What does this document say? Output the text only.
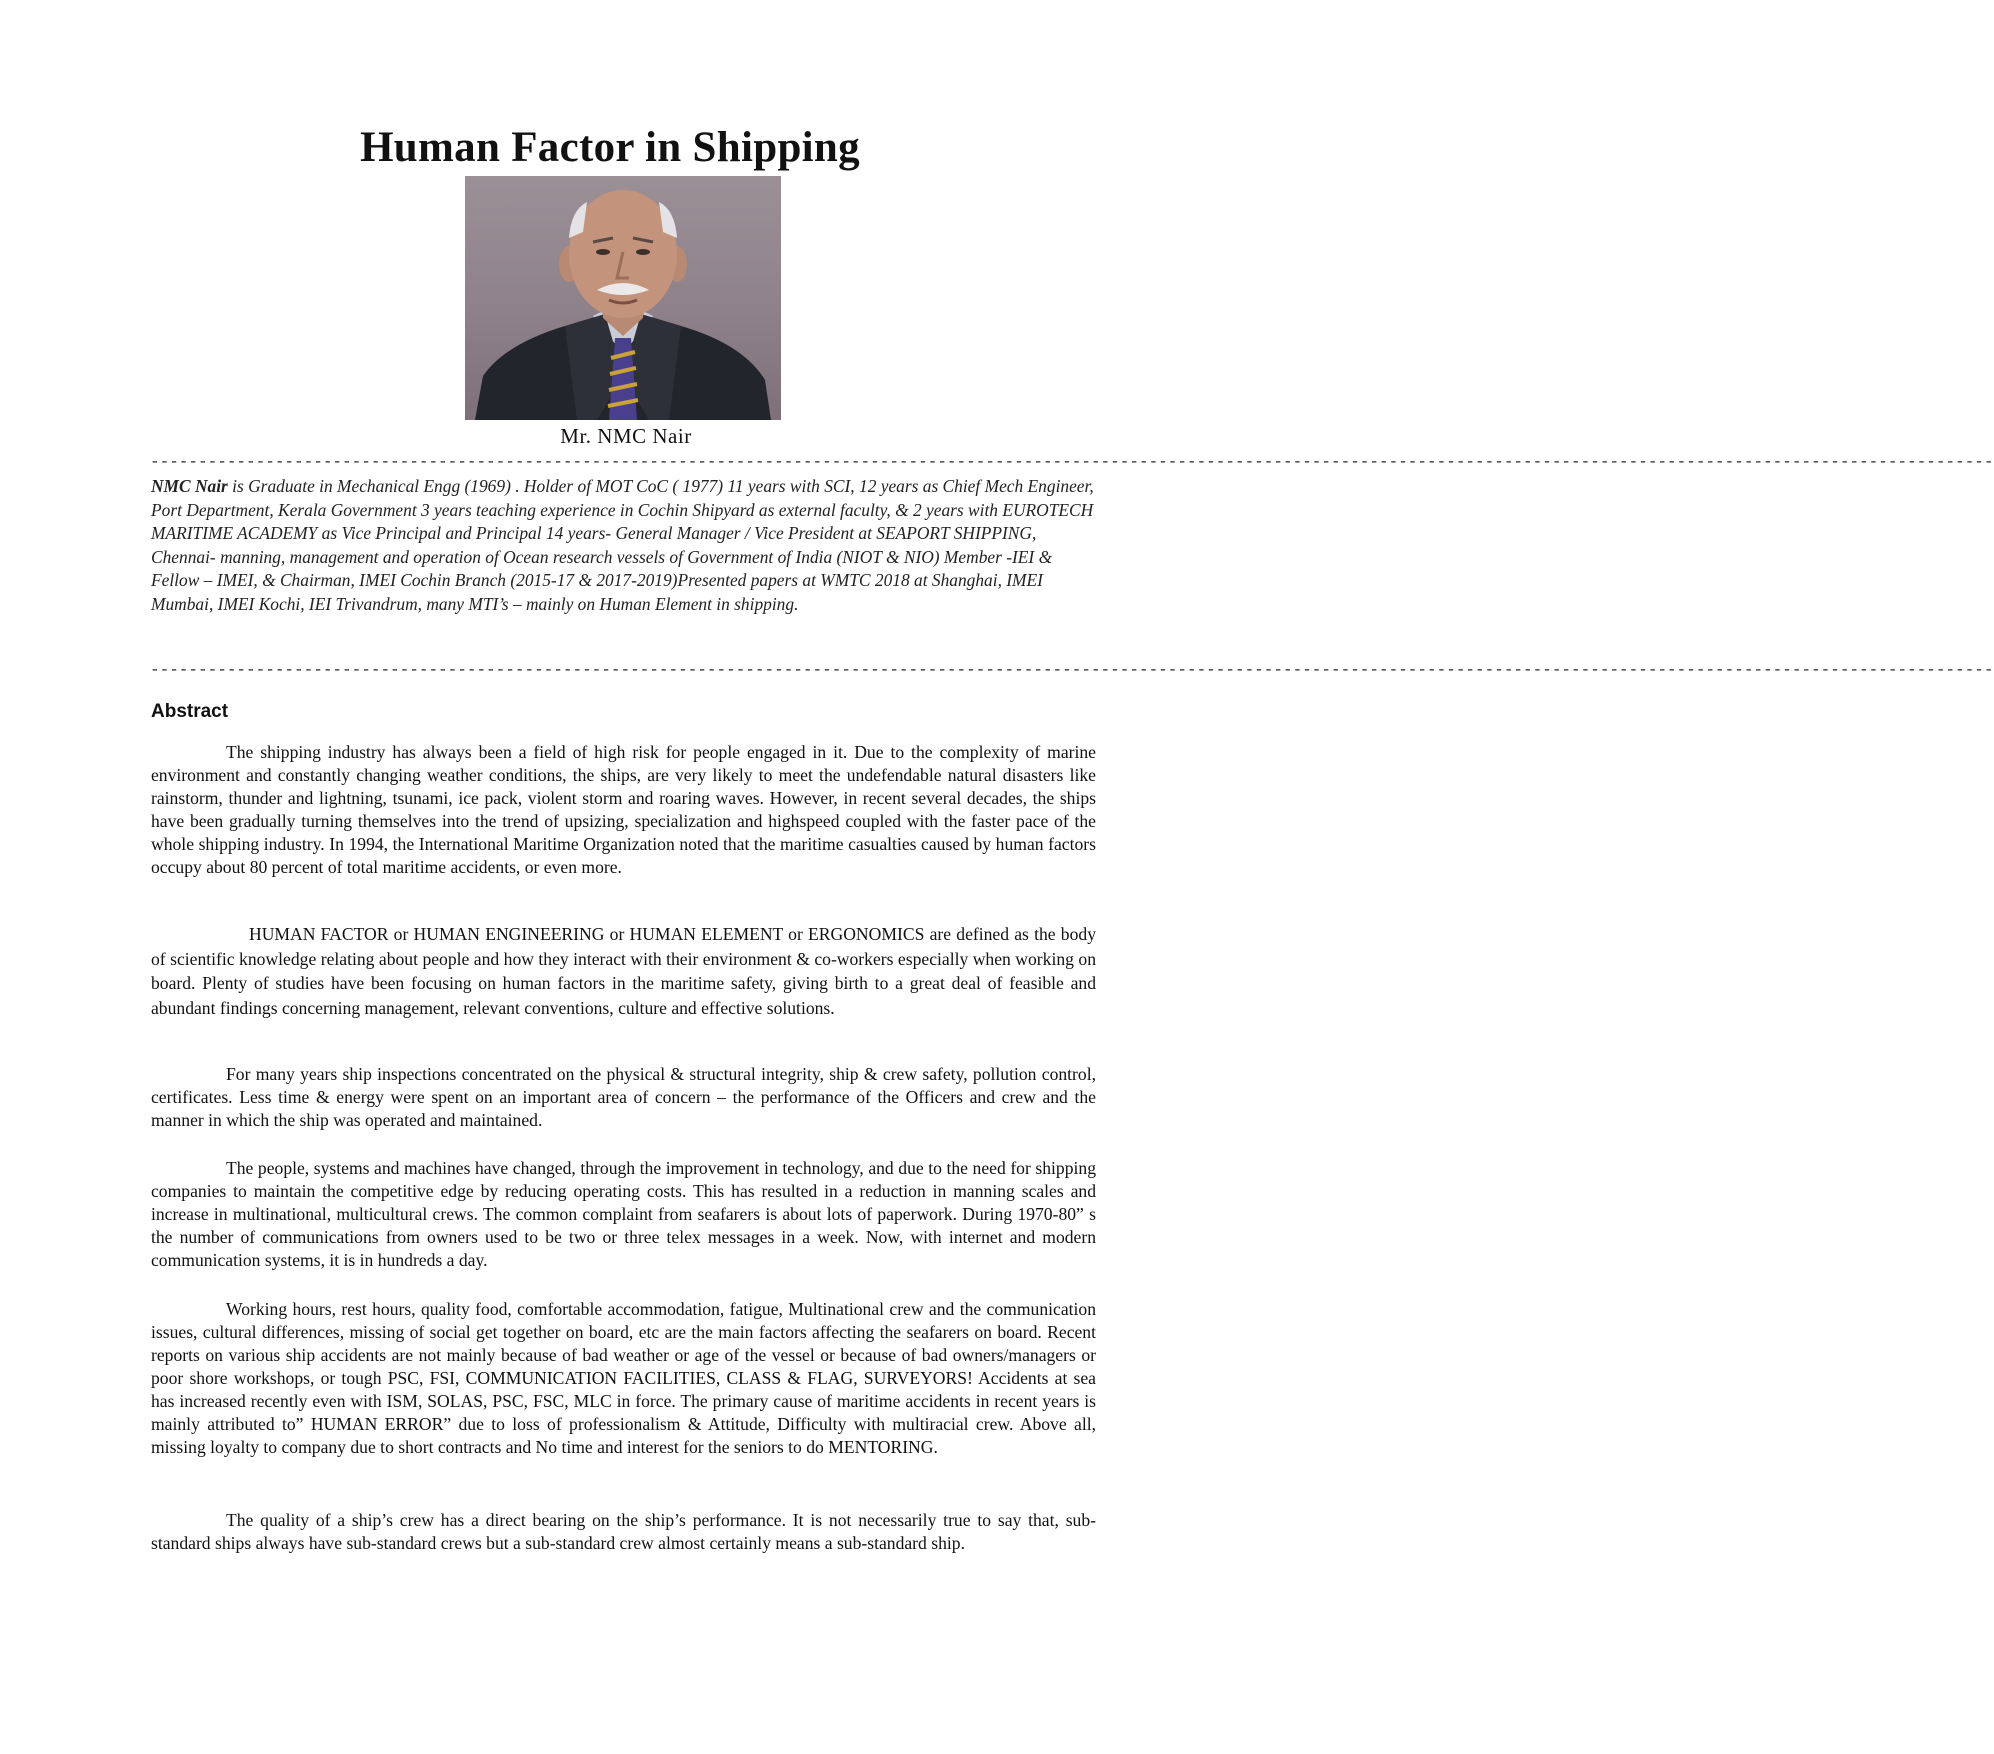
Human Factor in Shipping
Mr. NMC Nair
------------------------------------------------------------------------------------------------------------------------------------------------------------------------------------------------

NMC Nair is Graduate in Mechanical Engg (1969) . Holder of MOT CoC ( 1977) 11 years with SCI, 12 years as Chief Mech Engineer, Port Department, Kerala Government 3 years teaching experience in Cochin Shipyard as external faculty, & 2 years with EUROTECH MARITIME ACADEMY as Vice Principal and Principal 14 years- General Manager / Vice President at SEAPORT SHIPPING, Chennai- manning, management and operation of Ocean research vessels of Government of India (NIOT & NIO) Member -IEI & Fellow – IMEI, & Chairman, IMEI Cochin Branch (2015-17 & 2017-2019)Presented papers at WMTC 2018 at Shanghai, IMEI Mumbai, IMEI Kochi, IEI Trivandrum, many MTI’s – mainly on Human Element in shipping.

------------------------------------------------------------------------------------------------------------------------------------------------------------------------------------------------
Abstract

The shipping industry has always been a field of high risk for people engaged in it. Due to the complexity of marine environment and constantly changing weather conditions, the ships, are very likely to meet the undefendable natural disasters like rainstorm, thunder and lightning, tsunami, ice pack, violent storm and roaring waves. However, in recent several decades, the ships have been gradually turning themselves into the trend of upsizing, specialization and highspeed coupled with the faster pace of the whole shipping industry. In 1994, the International Maritime Organization noted that the maritime casualties caused by human factors occupy about 80 percent of total maritime accidents, or even more.

HUMAN FACTOR or HUMAN ENGINEERING or HUMAN ELEMENT or ERGONOMICS are defined as the body of scientific knowledge relating about people and how they interact with their environment & co-workers especially when working on board. Plenty of studies have been focusing on human factors in the maritime safety, giving birth to a great deal of feasible and abundant findings concerning management, relevant conventions, culture and effective solutions.

For many years ship inspections concentrated on the physical & structural integrity, ship & crew safety, pollution control, certificates. Less time & energy were spent on an important area of concern – the performance of the Officers and crew and the manner in which the ship was operated and maintained.

The people, systems and machines have changed, through the improvement in technology, and due to the need for shipping companies to maintain the competitive edge by reducing operating costs. This has resulted in a reduction in manning scales and increase in multinational, multicultural crews. The common complaint from seafarers is about lots of paperwork. During 1970-80” s the number of communications from owners used to be two or three telex messages in a week. Now, with internet and modern communication systems, it is in hundreds a day.

Working hours, rest hours, quality food, comfortable accommodation, fatigue, Multinational crew and the communication issues, cultural differences, missing of social get together on board, etc are the main factors affecting the seafarers on board. Recent reports on various ship accidents are not mainly because of bad weather or age of the vessel or because of bad owners/managers or poor shore workshops, or tough PSC, FSI, COMMUNICATION FACILITIES, CLASS & FLAG, SURVEYORS! Accidents at sea has increased recently even with ISM, SOLAS, PSC, FSC, MLC in force. The primary cause of maritime accidents in recent years is mainly attributed to” HUMAN ERROR” due to loss of professionalism & Attitude, Difficulty with multiracial crew. Above all, missing loyalty to company due to short contracts and No time and interest for the seniors to do MENTORING.

The quality of a ship’s crew has a direct bearing on the ship’s performance. It is not necessarily true to say that, sub-standard ships always have sub-standard crews but a sub-standard crew almost certainly means a sub-standard ship.
